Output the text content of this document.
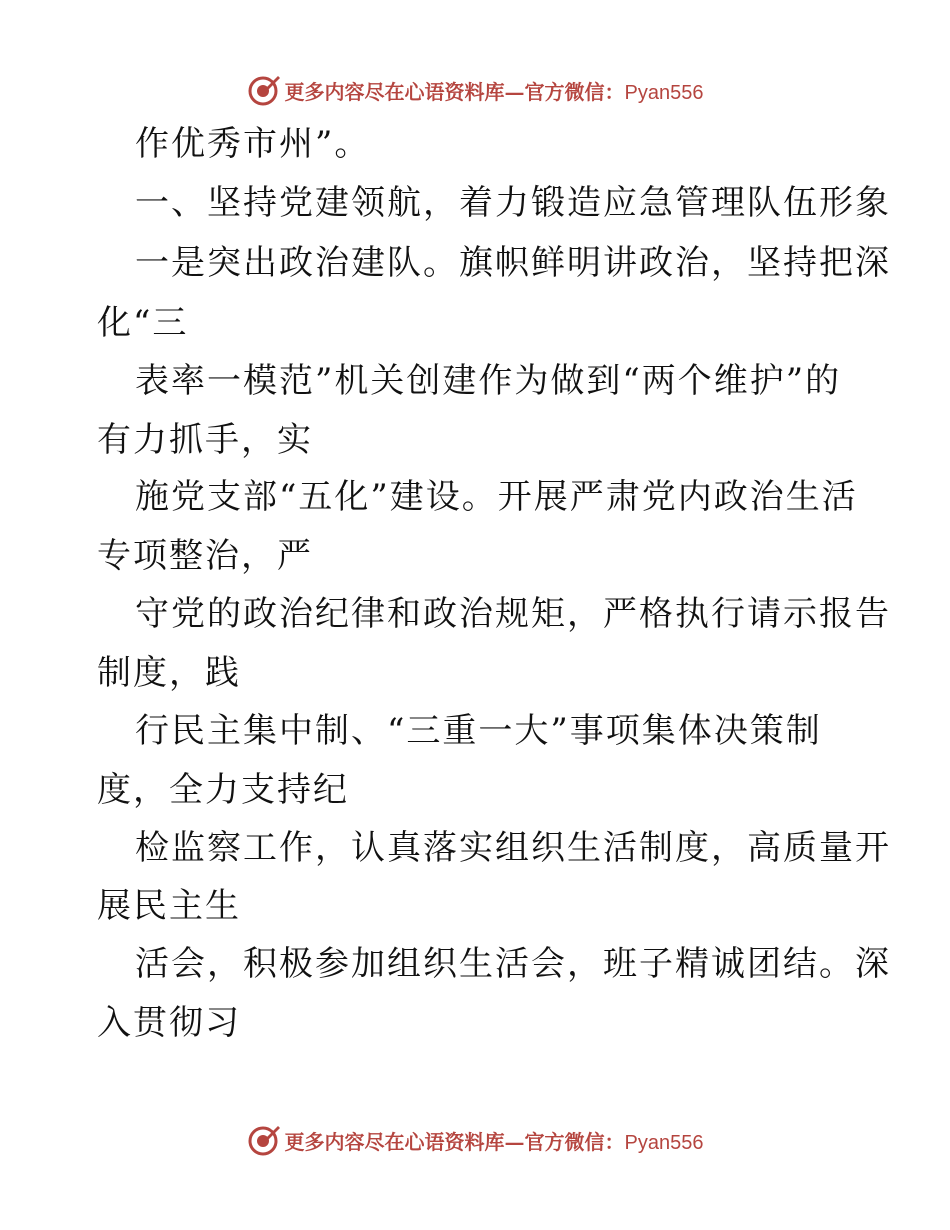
更多内容尽在心语资料库—官方微信：Pyan556
作优秀市州”。
一、坚持党建领航，着力锻造应急管理队伍形象
一是突出政治建队。旗帜鲜明讲政治，坚持把深
化“三
表率一模范”机关创建作为做到“两个维护”的
有力抓手，实
施党支部“五化”建设。开展严肃党内政治生活
专项整治，严
守党的政治纪律和政治规矩，严格执行请示报告
制度，践
行民主集中制、“三重一大”事项集体决策制
度，全力支持纪
检监察工作，认真落实组织生活制度，高质量开
展民主生
活会，积极参加组织生活会，班子精诚团结。深
入贯彻习
更多内容尽在心语资料库—官方微信：Pyan556
